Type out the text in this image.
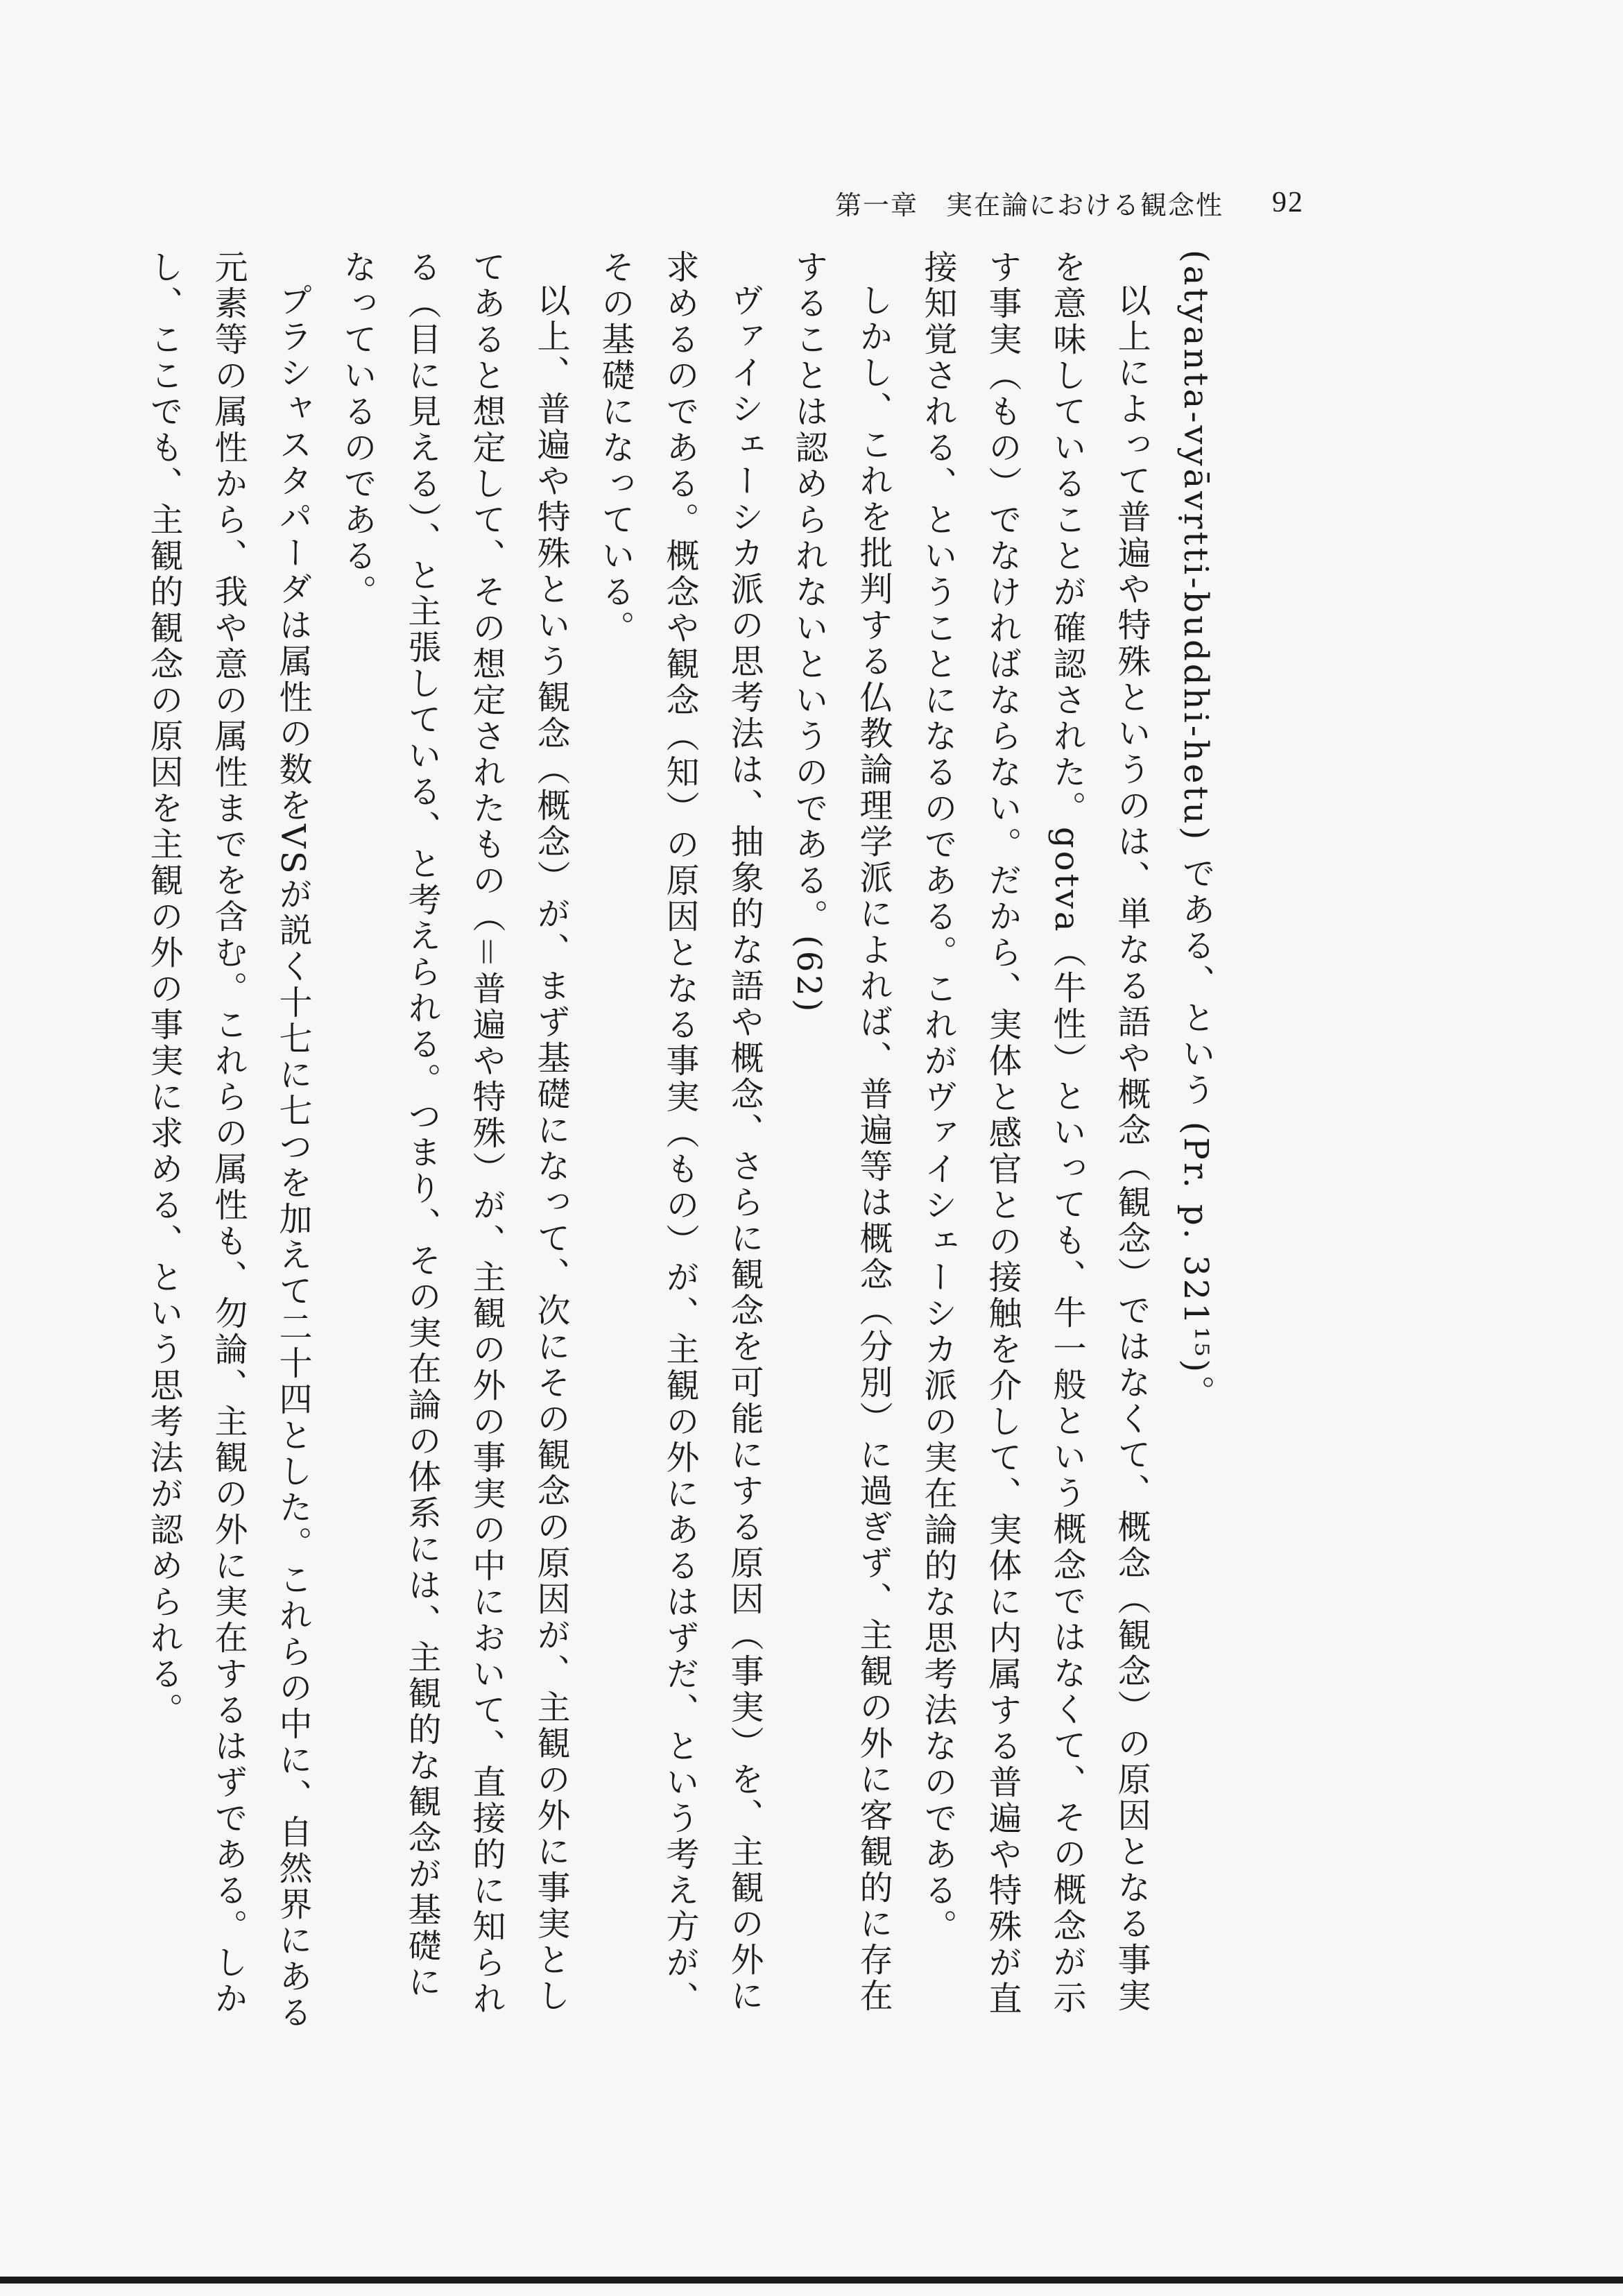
第一章　実在論における観念性 92

(atyanta-vyāvṛtti-buddhi-hetu) である、という (Pr. p. 321¹⁵)。

以上によって普遍や特殊というのは、単なる語や概念（観念）ではなくて、概念（観念）の原因となる事実を意味していることが確認された。gotva（牛性）といっても、牛一般という概念ではなくて、その概念が示す事実（もの）でなければならない。だから、実体と感官との接触を介して、実体に内属する普遍や特殊が直接知覚される、ということになるのである。これがヴァイシェーシカ派の実在論的な思考法なのである。

しかし、これを批判する仏教論理学派によれば、普遍等は概念（分別）に過ぎず、主観の外に客観的に存在することは認められないというのである。(62)

ヴァイシェーシカ派の思考法は、抽象的な語や概念、さらに観念を可能にする原因（事実）を、主観の外に求めるのである。概念や観念（知）の原因となる事実（もの）が、主観の外にあるはずだ、という考え方が、その基礎になっている。

以上、普遍や特殊という観念（概念）が、まず基礎になって、次にその観念の原因が、主観の外に事実としてあると想定して、その想定されたもの（＝普遍や特殊）が、主観の外の事実の中において、直接的に知られる（目に見える）、と主張している、と考えられる。つまり、その実在論の体系には、主観的な観念が基礎になっているのである。

プラシャスタパーダは属性の数をVSが説く十七に七つを加えて二十四とした。これらの中に、自然界にある元素等の属性から、我や意の属性までを含む。これらの属性も、勿論、主観の外に実在するはずである。しかし、ここでも、主観的観念の原因を主観の外の事実に求める、という思考法が認められる。
